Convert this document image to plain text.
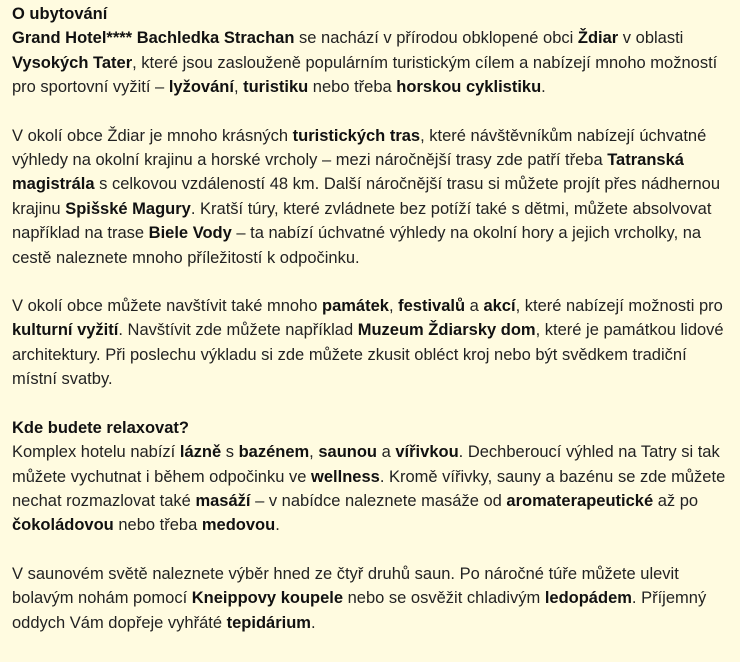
O ubytování

Grand Hotel**** Bachledka Strachan se nachází v přírodou obklopené obci Ždiar v oblasti Vysokých Tater, které jsou zaslouženě populárním turistickým cílem a nabízejí mnoho možností pro sportovní vyžití – lyžování, turistiku nebo třeba horskou cyklistiku.

V okolí obce Ždiar je mnoho krásných turistických tras, které návštěvníkům nabízejí úchvatné výhledy na okolní krajinu a horské vrcholy – mezi náročnější trasy zde patří třeba Tatranská magistrála s celkovou vzdáleností 48 km. Další náročnější trasu si můžete projít přes nádhernou krajinu Spišské Magury. Kratší túry, které zvládnete bez potíží také s dětmi, můžete absolvovat například na trase Biele Vody – ta nabízí úchvatné výhledy na okolní hory a jejich vrcholky, na cestě naleznete mnoho příležitostí k odpočinku.

V okolí obce můžete navštívit také mnoho památek, festivalů a akcí, které nabízejí možnosti pro kulturní vyžití. Navštívit zde můžete například Muzeum Ždiarsky dom, které je památkou lidové architektury. Při poslechu výkladu si zde můžete zkusit obléct kroj nebo být svědkem tradiční místní svatby.

Kde budete relaxovat?

Komplex hotelu nabízí lázně s bazénem, saunou a vířivkou. Dechberoucí výhled na Tatry si tak můžete vychutnat i během odpočinku ve wellness. Kromě vířivky, sauny a bazénu se zde můžete nechat rozmazlovat také masáží – v nabídce naleznete masáže od aromaterapeutické až po čokoládovou nebo třeba medovou.

V saunovém světě naleznete výběr hned ze čtyř druhů saun. Po náročné túře můžete ulevit bolavým nohám pomocí Kneippovy koupele nebo se osvěžit chladivým ledopádem. Příjemný oddych Vám dopřeje vyhřáté tepidárium.
